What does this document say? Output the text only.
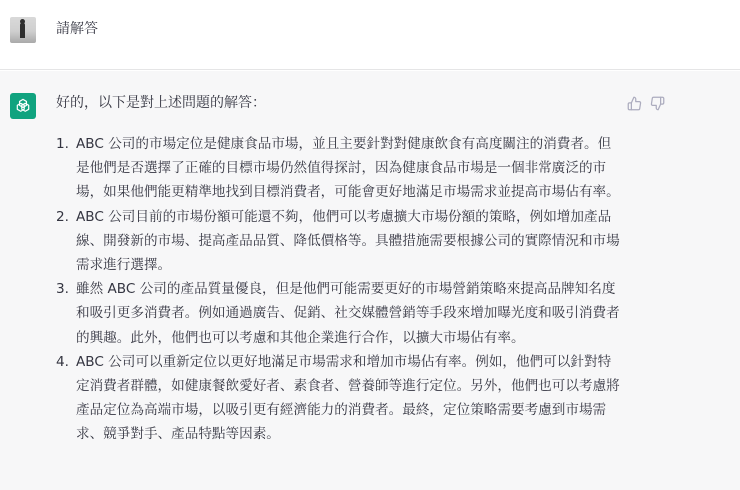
請解答
好的，以下是對上述問題的解答：
1. ABC 公司的市場定位是健康食品市場，並且主要針對對健康飲食有高度關注的消費者。但是他們是否選擇了正確的目標市場仍然值得探討，因為健康食品市場是一個非常廣泛的市場，如果他們能更精準地找到目標消費者，可能會更好地滿足市場需求並提高市場佔有率。
2. ABC 公司目前的市場份額可能還不夠，他們可以考慮擴大市場份額的策略，例如增加產品線、開發新的市場、提高產品品質、降低價格等。具體措施需要根據公司的實際情況和市場需求進行選擇。
3. 雖然 ABC 公司的產品質量優良，但是他們可能需要更好的市場營銷策略來提高品牌知名度和吸引更多消費者。例如通過廣告、促銷、社交媒體營銷等手段來增加曝光度和吸引消費者的興趣。此外，他們也可以考慮和其他企業進行合作，以擴大市場佔有率。
4. ABC 公司可以重新定位以更好地滿足市場需求和增加市場佔有率。例如，他們可以針對特定消費者群體，如健康餐飲愛好者、素食者、營養師等進行定位。另外，他們也可以考慮將產品定位為高端市場，以吸引更有經濟能力的消費者。最終，定位策略需要考慮到市場需求、競爭對手、產品特點等因素。
